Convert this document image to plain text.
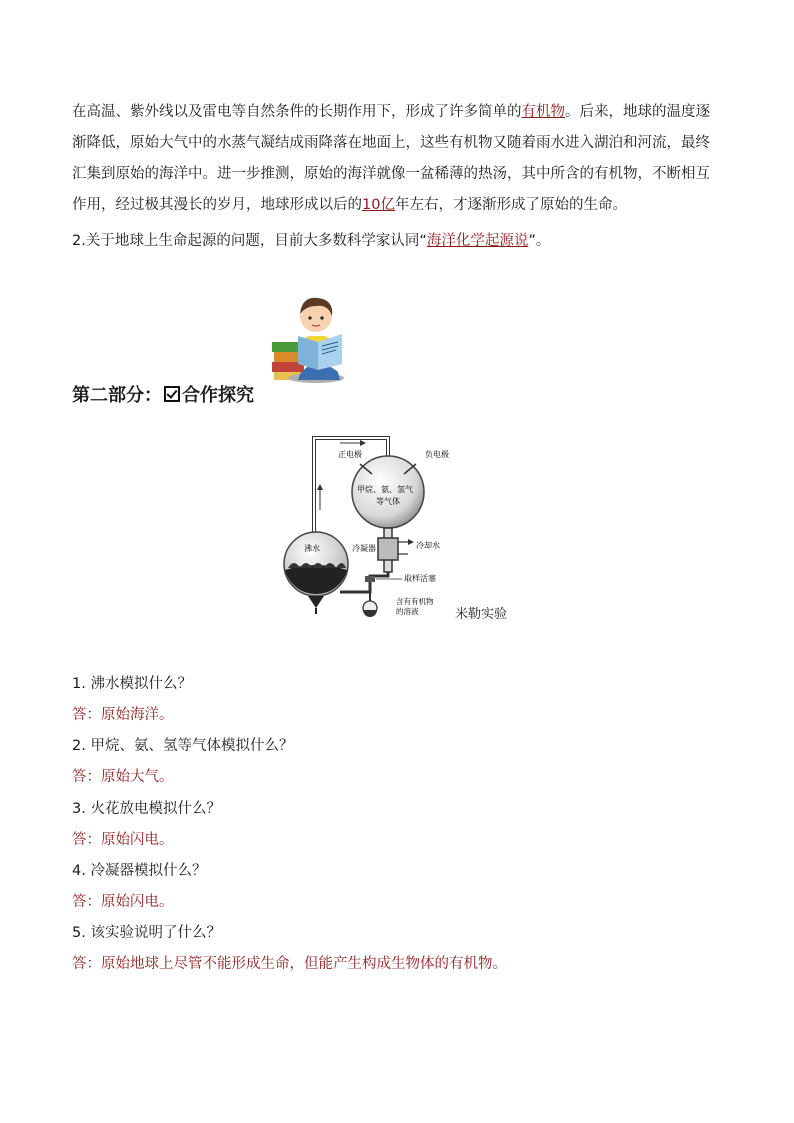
在高温、紫外线以及雷电等自然条件的长期作用下，形成了许多简单的有机物。后来，地球的温度逐渐降低，原始大气中的水蒸气凝结成雨降落在地面上，这些有机物又随着雨水进入湖泊和河流，最终汇集到原始的海洋中。进一步推测，原始的海洋就像一盆稀薄的热汤，其中所含的有机物，不断相互作用，经过极其漫长的岁月，地球形成以后的10亿年左右，才逐渐形成了原始的生命。
2.关于地球上生命起源的问题，目前大多数科学家认同“海洋化学起源说”。
第二部分： 合作探究
正电极	负电极
甲烷、氨、氢气
等气体
沸水	冷凝器	冷却水
取样活塞
含有有机物
的溶液	米勒实验
1. 沸水模拟什么？
答：原始海洋。
2. 甲烷、氨、氢等气体模拟什么？
答：原始大气。
3. 火花放电模拟什么？
答：原始闪电。
4. 冷凝器模拟什么？
答：原始闪电。
5. 该实验说明了什么？
答：原始地球上尽管不能形成生命，但能产生构成生物体的有机物。
